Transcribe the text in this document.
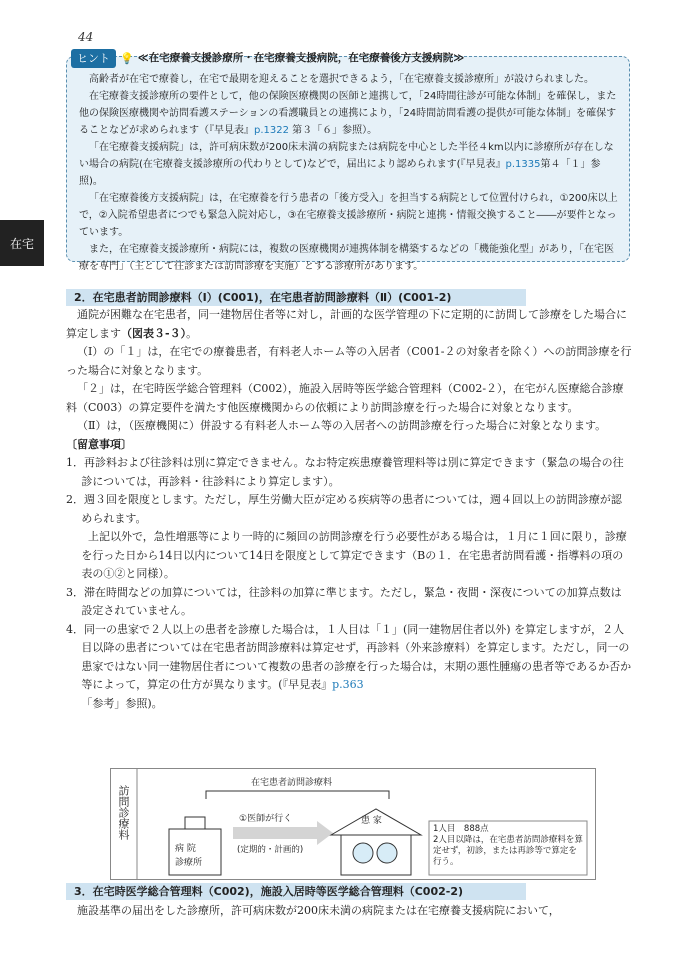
44
在宅
ヒント 💡 ≪在宅療養支援診療所・在宅療養支援病院，在宅療養後方支援病院≫

高齢者が在宅で療養し，在宅で最期を迎えることを選択できるよう，「在宅療養支援診療所」が設けられました。

在宅療養支援診療所の要件として，他の保険医療機関の医師と連携して，「24時間往診が可能な体制」を確保し，また他の保険医療機関や訪問看護ステーションの看護職員との連携により，「24時間訪問看護の提供が可能な体制」を確保することなどが求められます（『早見表』p.1322 第３「６」参照）。

「在宅療養支援病院」は，許可病床数が200床未満の病院または病院を中心とした半径４km以内に診療所が存在しない場合の病院(在宅療養支援診療所の代わりとして)などで，届出により認められます(『早見表』p.1335第４「１」参照)。

「在宅療養後方支援病院」は，在宅療養を行う患者の「後方受入」を担当する病院として位置付けられ，①200床以上で，②入院希望患者につでも緊急入院対応し，③在宅療養支援診療所・病院と連携・情報交換すること――が要件となっています。

また，在宅療養支援診療所・病院には，複数の医療機関が連携体制を構築するなどの「機能強化型」があり，「在宅医療を専門」（主として往診または訪問診療を実施）とする診療所があります。

2．在宅患者訪問診療料（Ⅰ）(C001)，在宅患者訪問診療料（Ⅱ）(C001-2)

通院が困難な在宅患者，同一建物居住者等に対し，計画的な医学管理の下に定期的に訪問して診療をした場合に算定します（図表３-３）。

（Ⅰ）の「１」は，在宅での療養患者，有料老人ホーム等の入居者（C001-２の対象者を除く）への訪問診療を行った場合に対象となります。

「２」は，在宅時医学総合管理料（C002），施設入居時等医学総合管理料（C002-２），在宅がん医療総合診療料（C003）の算定要件を満たす他医療機関からの依頼により訪問診療を行った場合に対象となります。

（Ⅱ）は，（医療機関に）併設する有料老人ホーム等の入居者への訪問診療を行った場合に対象となります。

〔留意事項〕

1．再診料および往診料は別に算定できません。なお特定疾患療養管理料等は別に算定できます（緊急の場合の往診については，再診料・往診料により算定します）。

2．週３回を限度とします。ただし，厚生労働大臣が定める疾病等の患者については，週４回以上の訪問診療が認められます。

上記以外で，急性増悪等により一時的に頻回の訪問診療を行う必要性がある場合は，１月に１回に限り，診療を行った日から14日以内について14日を限度として算定できます（Bの１．在宅患者訪問看護・指導料の項の表の①②と同様）。

3．滞在時間などの加算については，往診料の加算に準じます。ただし，緊急・夜間・深夜についての加算点数は設定されていません。

4．同一の患家で２人以上の患者を診療した場合は，１人目は「１」(同一建物居住者以外) を算定しますが，２人目以降の患者については在宅患者訪問診療料は算定せず，再診料（外来診療料）を算定します。ただし，同一の患家ではない同一建物居住者について複数の患者の診療を行った場合は，末期の悪性腫瘍の患者等であるか否か等によって，算定の仕方が異なります。(『早見表』p.363
「参考」参照)。

訪問診療料
在宅患者訪問診療料
①医師が行く
(定期的・計画的)
病 院
診療所
患 家
1人目　888点
2人目以降は，在宅患者訪問診療料を算定せず，初診，または再診等で算定を行う。
3．在宅時医学総合管理料（C002)，施設入居時等医学総合管理料（C002-2)

施設基準の届出をした診療所，許可病床数が200床未満の病院または在宅療養支援病院において，
